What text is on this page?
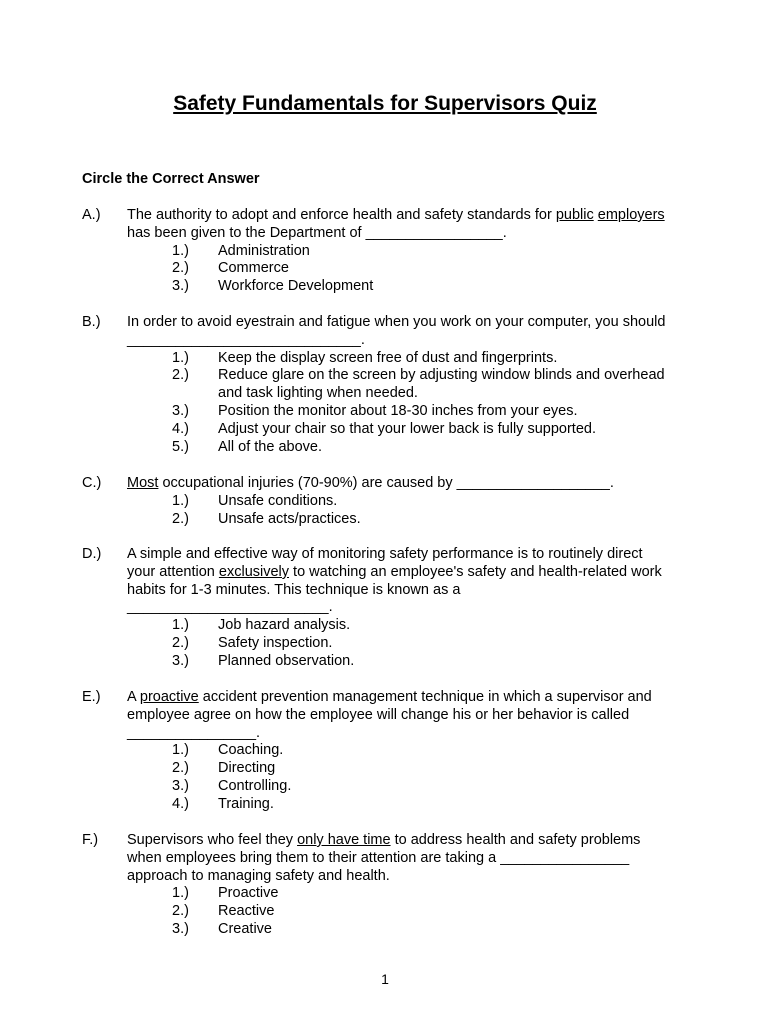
Safety Fundamentals for Supervisors Quiz
Circle the Correct Answer
A.) The authority to adopt and enforce health and safety standards for public employers
has been given to the Department of _________________.
1.) Administration
2.) Commerce
3.) Workforce Development
B.) In order to avoid eyestrain and fatigue when you work on your computer, you should
_____________________________.
1.) Keep the display screen free of dust and fingerprints.
2.) Reduce glare on the screen by adjusting window blinds and overhead
and task lighting when needed.
3.) Position the monitor about 18-30 inches from your eyes.
4.) Adjust your chair so that your lower back is fully supported.
5.) All of the above.
C.) Most occupational injuries (70-90%) are caused by ___________________.
1.) Unsafe conditions.
2.) Unsafe acts/practices.
D.) A simple and effective way of monitoring safety performance is to routinely direct
your attention exclusively to watching an employee's safety and health-related work
habits for 1-3 minutes. This technique is known as a
_________________________.
1.) Job hazard analysis.
2.) Safety inspection.
3.) Planned observation.
E.) A proactive accident prevention management technique in which a supervisor and
employee agree on how the employee will change his or her behavior is called
________________.
1.) Coaching.
2.) Directing
3.) Controlling.
4.) Training.
F.) Supervisors who feel they only have time to address health and safety problems
when employees bring them to their attention are taking a ________________
approach to managing safety and health.
1.) Proactive
2.) Reactive
3.) Creative
1
